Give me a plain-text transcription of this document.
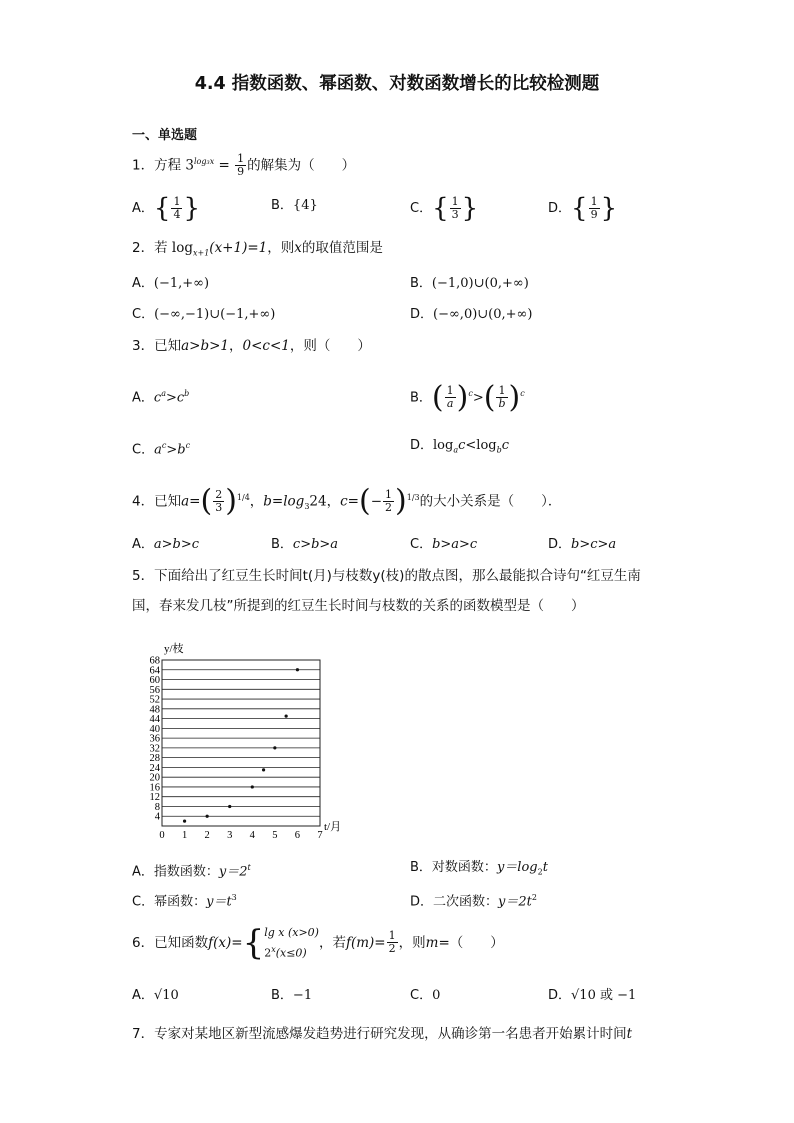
4.4 指数函数、幂函数、对数函数增长的比较检测题
一、单选题
1．方程 $3^{log_3x} = \frac{1}{9}$ 的解集为（　　）
A．{ $\frac{1}{4}$ }	B．{4}	C．{ $\frac{1}{3}$ }	D．{ $\frac{1}{9}$ }
2．若 $\log_{x+1}(x+1)=1$，则x的取值范围是
A．(−1,+∞)	B．(−1,0)∪(0,+∞)
C．(−∞,−1)∪(−1,+∞)	D．(−∞,0)∪(0,+∞)
3．已知a>b>1，0<c<1，则（　　）
A．$c^a>c^b$	B．( $\frac{1}{a} )^c>( \frac{1}{b} )^c$
C．$a^c>b^c$	D．$\log_ac<\log_bc$
4．已知$a=( \frac{2}{3} )^{1/4}$，$b=\log_324$，$c=(- \frac{1}{2} )^{1/3}$的大小关系是（　　）．
A．a>b>c	B．c>b>a	C．b>a>c	D．b>c>a
5．下面给出了红豆生长时间t(月)与枝数y(枝)的散点图，那么最能拟合诗句“红豆生南
国，春来发几枝”所提到的红豆生长时间与枝数的关系的函数模型是（　　）
4
8
12
16
20
24
28
32
36
40
44
48
52
56
60
64
68
0 1 2 3 4 5 6 7
y/枝
t/月
A．指数函数：$y=2^t$	B．对数函数：$y=\log_2t$
C．幂函数：$y=t^3$	D．二次函数：$y=2t^2$
6．已知函数f(x)={ lg x (x>0)
$2^x(x\le 0)$
，若$f(m)= \frac{1}{2}$ ，则m=（　　）
A．√10	B．−1	C．0	D．√10 或 −1
7．专家对某地区新型流感爆发趋势进行研究发现，从确诊第一名患者开始累计时间t
